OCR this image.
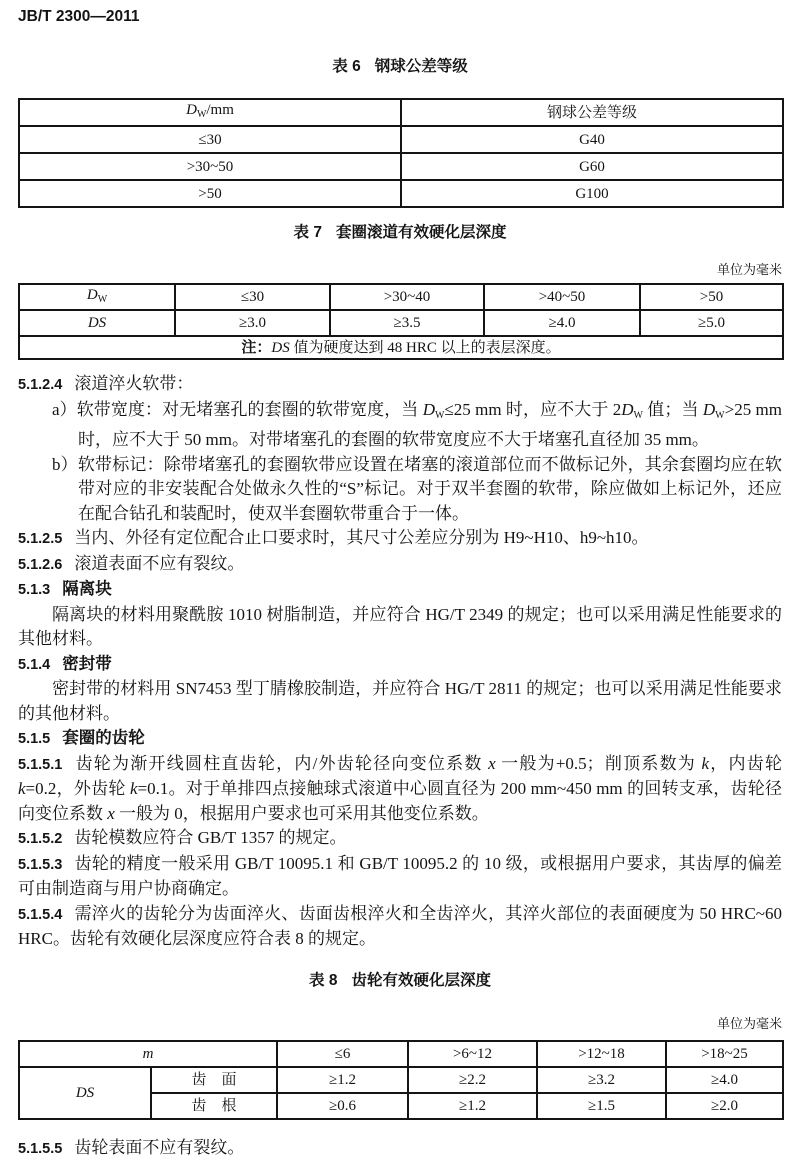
JB/T 2300—2011
表 6 钢球公差等级
$D_W/mm$	钢球公差等级
≤30	G40
>30~50	G60
>50	G100
表 7 套圈滚道有效硬化层深度
单位为毫米
$D_W$	≤30	>30~40	>40~50	>50
DS	≥3.0	≥3.5	≥4.0	≥5.0
注：DS 值为硬度达到 48 HRC 以上的表层深度。				

5.1.2.4 滚道淬火软带：

a）软带宽度：对无堵塞孔的套圈的软带宽度，当 $D_W\le 25$ mm 时，应不大于 $2D_W$ 值；当 $D_W>25$ mm 时，应不大于 50 mm。对带堵塞孔的套圈的软带宽度应不大于堵塞孔直径加 35 mm。

b）软带标记：除带堵塞孔的套圈软带应设置在堵塞的滚道部位而不做标记外，其余套圈均应在软带对应的非安装配合处做永久性的“S”标记。对于双半套圈的软带，除应做如上标记外，还应在配合钻孔和装配时，使双半套圈软带重合于一体。

5.1.2.5 当内、外径有定位配合止口要求时，其尺寸公差应分别为 H9~H10、h9~h10。

5.1.2.6 滚道表面不应有裂纹。

5.1.3 隔离块

隔离块的材料用聚酰胺 1010 树脂制造，并应符合 HG/T 2349 的规定；也可以采用满足性能要求的其他材料。

5.1.4 密封带

密封带的材料用 SN7453 型丁腈橡胶制造，并应符合 HG/T 2811 的规定；也可以采用满足性能要求的其他材料。

5.1.5 套圈的齿轮

5.1.5.1 齿轮为渐开线圆柱直齿轮，内/外齿轮径向变位系数 x 一般为+0.5；削顶系数为 k，内齿轮 k=0.2，外齿轮 k=0.1。对于单排四点接触球式滚道中心圆直径为 200 mm~450 mm 的回转支承，齿轮径向变位系数 x 一般为 0，根据用户要求也可采用其他变位系数。

5.1.5.2 齿轮模数应符合 GB/T 1357 的规定。

5.1.5.3 齿轮的精度一般采用 GB/T 10095.1 和 GB/T 10095.2 的 10 级，或根据用户要求，其齿厚的偏差可由制造商与用户协商确定。

5.1.5.4 需淬火的齿轮分为齿面淬火、齿面齿根淬火和全齿淬火，其淬火部位的表面硬度为 50 HRC~60 HRC。齿轮有效硬化层深度应符合表 8 的规定。

表 8 齿轮有效硬化层深度
单位为毫米
m		≤6	>6~12	>12~18	>18~25
DS	齿　面	≥1.2	≥2.2	≥3.2	≥4.0
	齿　根	≥0.6	≥1.2	≥1.5	≥2.0

5.1.5.5 齿轮表面不应有裂纹。
